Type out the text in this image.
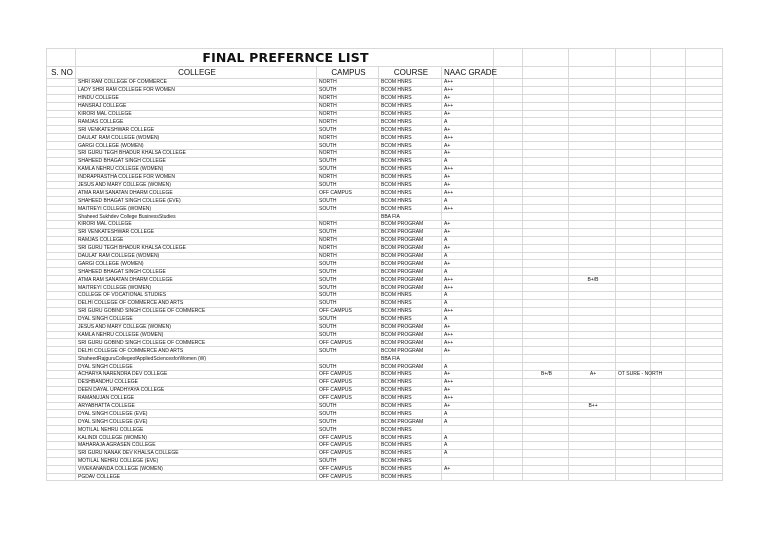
	FINAL PREFERNCE LIST									
S. NO	COLLEGE	CAMPUS	COURSE	NAAC GRADE						
	SHRI RAM COLLEGE OF COMMERCE	NORTH	BCOM HNRS	A++						
	LADY SHRI RAM COLLEGE FOR WOMEN	SOUTH	BCOM HNRS	A++						
	HINDU COLLEGE	NORTH	BCOM HNRS	A+						
	HANSRAJ COLLEGE	NORTH	BCOM HNRS	A++						
	KIRORI MAL COLLEGE	NORTH	BCOM HNRS	A+						
	RAMJAS COLLEGE	NORTH	BCOM HNRS	A						
	SRI VENKATESHWAR COLLEGE	SOUTH	BCOM HNRS	A+						
	DAULAT RAM COLLEGE (WOMEN)	NORTH	BCOM HNRS	A++						
	GARGI COLLEGE (WOMEN)	SOUTH	BCOM HNRS	A+						
	SRI GURU TEGH BHADUR KHALSA COLLEGE	NORTH	BCOM HNRS	A+						
	SHAHEED BHAGAT SINGH COLLEGE	SOUTH	BCOM HNRS	A						
	KAMLA NEHRU COLLEGE (WOMEN)	SOUTH	BCOM HNRS	A++						
	INDRAPRASTHA COLLEGE FOR WOMEN	NORTH	BCOM HNRS	A+						
	JESUS AND MARY COLLEGE (WOMEN)	SOUTH	BCOM HNRS	A+						
	ATMA RAM SANATAN DHARM COLLEGE	OFF CAMPUS	BCOM HNRS	A++						
	SHAHEED BHAGAT SINGH COLLEGE (EVE)	SOUTH	BCOM HNRS	A						
	MAITREYI COLLEGE (WOMEN)	SOUTH	BCOM HNRS	A++						
	Shaheed Sukhdev College BusinessStudies		BBA FIA							
	KIRORI MAL COLLEGE	NORTH	BCOM PROGRAM	A+						
	SRI VENKATESHWAR COLLEGE	SOUTH	BCOM PROGRAM	A+						
	RAMJAS COLLEGE	NORTH	BCOM PROGRAM	A						
	SRI GURU TEGH BHADUR KHALSA COLLEGE	NORTH	BCOM PROGRAM	A+						
	DAULAT RAM COLLEGE (WOMEN)	NORTH	BCOM PROGRAM	A						
	GARGI COLLEGE (WOMEN)	SOUTH	BCOM PROGRAM	A+						
	SHAHEED BHAGAT SINGH COLLEGE	SOUTH	BCOM PROGRAM	A						
	ATMA RAM SANATAN DHARM COLLEGE	SOUTH	BCOM PROGRAM	A++			B+/B			
	MAITREYI COLLEGE (WOMEN)	SOUTH	BCOM PROGRAM	A++						
	COLLEGE OF VOCATIONAL STUDIES	SOUTH	BCOM HNRS	A						
	DELHI COLLEGE OF COMMERCE AND ARTS	SOUTH	BCOM HNRS	A						
	SRI GURU GOBIND SINGH COLLEGE OF COMMERCE	OFF CAMPUS	BCOM HNRS	A++						
	DYAL SINGH COLLEGE	SOUTH	BCOM HNRS	A						
	JESUS AND MARY COLLEGE (WOMEN)	SOUTH	BCOM PROGRAM	A+						
	KAMLA NEHRU COLLEGE (WOMEN)	SOUTH	BCOM PROGRAM	A++						
	SRI GURU GOBIND SINGH COLLEGE OF COMMERCE	OFF CAMPUS	BCOM PROGRAM	A++						
	DELHI COLLEGE OF COMMERCE AND ARTS	SOUTH	BCOM PROGRAM	A+						
	ShaheedRajguruCollegeofAppliedSciencesforWomen (W)		BBA FIA							
	DYAL SINGH COLLEGE	SOUTH	BCOM PROGRAM	A						
	ACHARYA NARENDRA DEV COLLEGE	OFF CAMPUS	BCOM HNRS	A+		B+/B	A+	OT SURE - NORTH		
	DESHBANDHU COLLEGE	OFF CAMPUS	BCOM HNRS	A++						
	DEEN DAYAL UPADHYAYA COLLEGE	OFF CAMPUS	BCOM HNRS	A+						
	RAMANUJAN COLLEGE	OFF CAMPUS	BCOM HNRS	A++						
	ARYABHATTA COLLEGE	SOUTH	BCOM HNRS	A+			B++			
	DYAL SINGH COLLEGE (EVE)	SOUTH	BCOM HNRS	A						
	DYAL SINGH COLLEGE (EVE)	SOUTH	BCOM PROGRAM	A						
	MOTILAL NEHRU COLLEGE	SOUTH	BCOM HNRS							
	KALINDI COLLEGE (WOMEN)	OFF CAMPUS	BCOM HNRS	A						
	MAHARAJA AGRASEN COLLEGE	OFF CAMPUS	BCOM HNRS	A						
	SRI GURU NANAK DEV KHALSA COLLEGE	OFF CAMPUS	BCOM HNRS	A						
	MOTILAL NEHRU COLLEGE (EVE)	SOUTH	BCOM HNRS							
	VIVEKANANDA COLLEGE (WOMEN)	OFF CAMPUS	BCOM HNRS	A+						
	PGDAV COLLEGE	OFF CAMPUS	BCOM HNRS							
